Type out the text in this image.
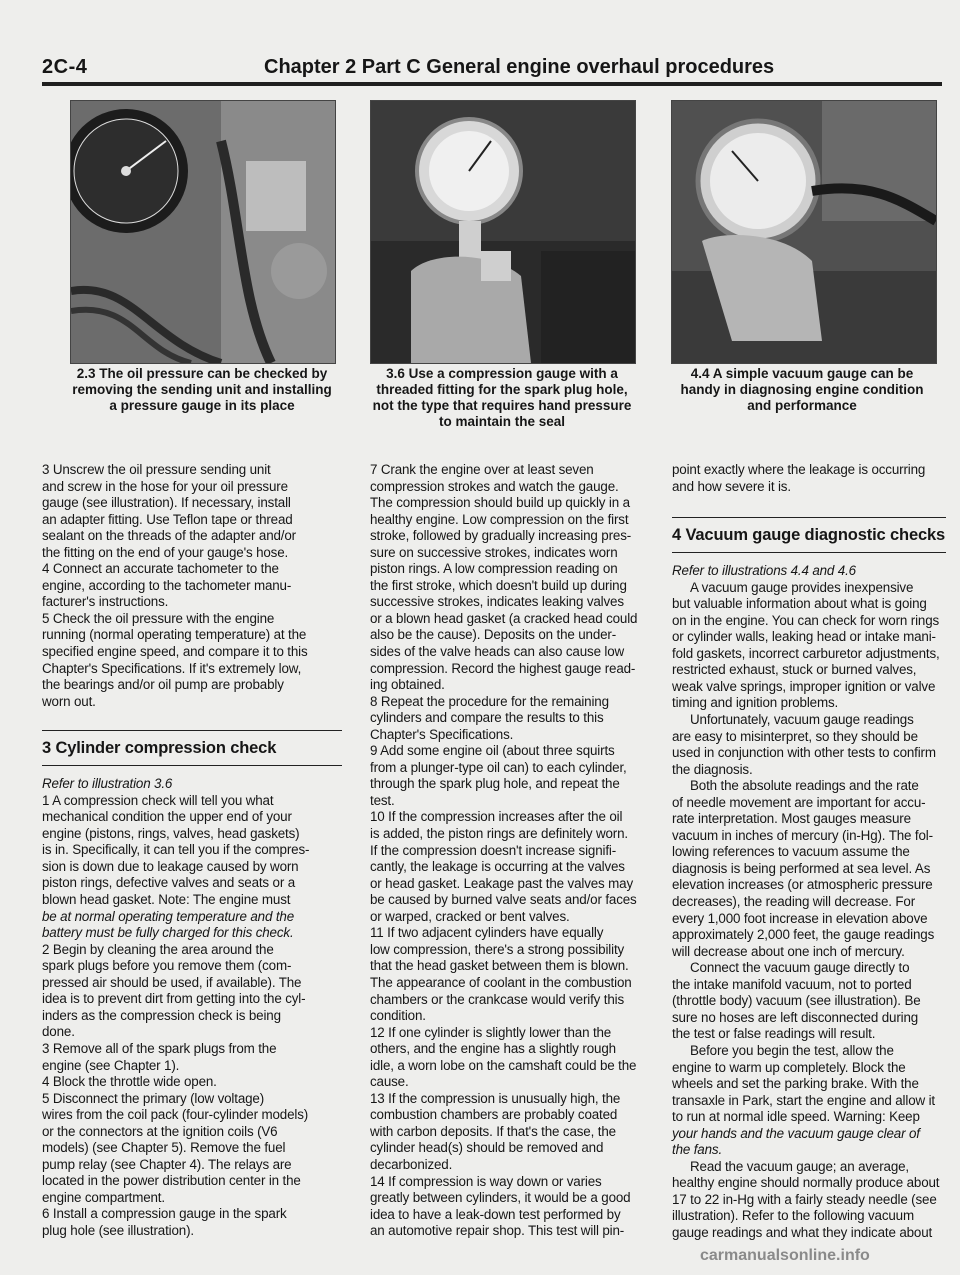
2C-4	Chapter 2 Part C General engine overhaul procedures
2.3 The oil pressure can be checked by
removing the sending unit and installing
a pressure gauge in its place
3.6 Use a compression gauge with a
threaded fitting for the spark plug hole,
not the type that requires hand pressure
to maintain the seal
4.4 A simple vacuum gauge can be
handy in diagnosing engine condition
and performance

3 Unscrew the oil pressure sending unit

and screw in the hose for your oil pressure

gauge (see illustration). If necessary, install

an adapter fitting. Use Teflon tape or thread

sealant on the threads of the adapter and/or

the fitting on the end of your gauge's hose.

4 Connect an accurate tachometer to the

engine, according to the tachometer manu-

facturer's instructions.

5 Check the oil pressure with the engine

running (normal operating temperature) at the

specified engine speed, and compare it to this

Chapter's Specifications. If it's extremely low,

the bearings and/or oil pump are probably

worn out.

3 Cylinder compression check

Refer to illustration 3.6

1 A compression check will tell you what

mechanical condition the upper end of your

engine (pistons, rings, valves, head gaskets)

is in. Specifically, it can tell you if the compres-

sion is down due to leakage caused by worn

piston rings, defective valves and seats or a

blown head gasket. Note: The engine must

be at normal operating temperature and the

battery must be fully charged for this check.

2 Begin by cleaning the area around the

spark plugs before you remove them (com-

pressed air should be used, if available). The

idea is to prevent dirt from getting into the cyl-

inders as the compression check is being

done.

3 Remove all of the spark plugs from the

engine (see Chapter 1).

4 Block the throttle wide open.

5 Disconnect the primary (low voltage)

wires from the coil pack (four-cylinder models)

or the connectors at the ignition coils (V6

models) (see Chapter 5). Remove the fuel

pump relay (see Chapter 4). The relays are

located in the power distribution center in the

engine compartment.

6 Install a compression gauge in the spark

plug hole (see illustration).

7 Crank the engine over at least seven

compression strokes and watch the gauge.

The compression should build up quickly in a

healthy engine. Low compression on the first

stroke, followed by gradually increasing pres-

sure on successive strokes, indicates worn

piston rings. A low compression reading on

the first stroke, which doesn't build up during

successive strokes, indicates leaking valves

or a blown head gasket (a cracked head could

also be the cause). Deposits on the under-

sides of the valve heads can also cause low

compression. Record the highest gauge read-

ing obtained.

8 Repeat the procedure for the remaining

cylinders and compare the results to this

Chapter's Specifications.

9 Add some engine oil (about three squirts

from a plunger-type oil can) to each cylinder,

through the spark plug hole, and repeat the

test.

10 If the compression increases after the oil

is added, the piston rings are definitely worn.

If the compression doesn't increase signifi-

cantly, the leakage is occurring at the valves

or head gasket. Leakage past the valves may

be caused by burned valve seats and/or faces

or warped, cracked or bent valves.

11 If two adjacent cylinders have equally

low compression, there's a strong possibility

that the head gasket between them is blown.

The appearance of coolant in the combustion

chambers or the crankcase would verify this

condition.

12 If one cylinder is slightly lower than the

others, and the engine has a slightly rough

idle, a worn lobe on the camshaft could be the

cause.

13 If the compression is unusually high, the

combustion chambers are probably coated

with carbon deposits. If that's the case, the

cylinder head(s) should be removed and

decarbonized.

14 If compression is way down or varies

greatly between cylinders, it would be a good

idea to have a leak-down test performed by

an automotive repair shop. This test will pin-

point exactly where the leakage is occurring

and how severe it is.

4 Vacuum gauge diagnostic checks

Refer to illustrations 4.4 and 4.6

A vacuum gauge provides inexpensive

but valuable information about what is going

on in the engine. You can check for worn rings

or cylinder walls, leaking head or intake mani-

fold gaskets, incorrect carburetor adjustments,

restricted exhaust, stuck or burned valves,

weak valve springs, improper ignition or valve

timing and ignition problems.

Unfortunately, vacuum gauge readings

are easy to misinterpret, so they should be

used in conjunction with other tests to confirm

the diagnosis.

Both the absolute readings and the rate

of needle movement are important for accu-

rate interpretation. Most gauges measure

vacuum in inches of mercury (in-Hg). The fol-

lowing references to vacuum assume the

diagnosis is being performed at sea level. As

elevation increases (or atmospheric pressure

decreases), the reading will decrease. For

every 1,000 foot increase in elevation above

approximately 2,000 feet, the gauge readings

will decrease about one inch of mercury.

Connect the vacuum gauge directly to

the intake manifold vacuum, not to ported

(throttle body) vacuum (see illustration). Be

sure no hoses are left disconnected during

the test or false readings will result.

Before you begin the test, allow the

engine to warm up completely. Block the

wheels and set the parking brake. With the

transaxle in Park, start the engine and allow it

to run at normal idle speed. Warning: Keep

your hands and the vacuum gauge clear of

the fans.

Read the vacuum gauge; an average,

healthy engine should normally produce about

17 to 22 in-Hg with a fairly steady needle (see

illustration). Refer to the following vacuum

gauge readings and what they indicate about

carmanualsonline.info
